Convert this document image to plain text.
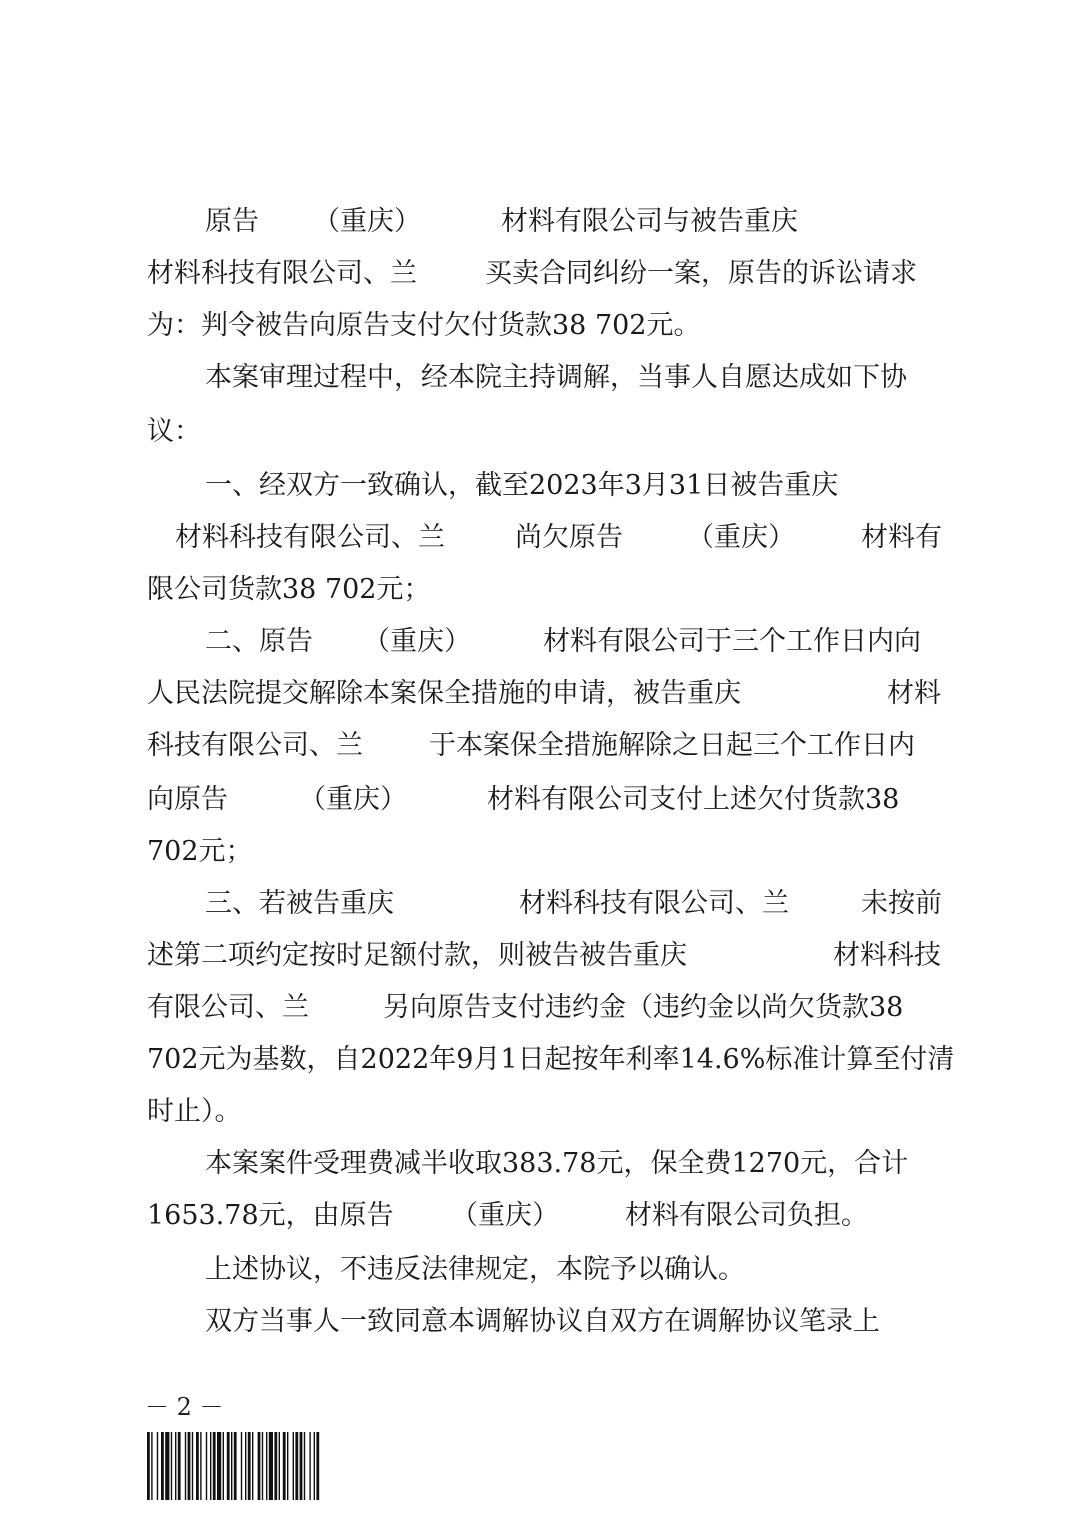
原告

（重庆）

	材料有限公司与被告重庆

材料科技有限公司、兰

	买卖合同纠纷一案，原告的诉讼请求

为：判令被告向原告支付欠付货款38 702元。

本案审理过程中，经本院主持调解，当事人自愿达成如下协

议：

一、经双方一致确认，截至2023年3月31日被告重庆

材料科技有限公司、兰

	尚欠原告

（重庆）

材料有

限公司货款38 702元；

二、原告

（重庆）

	材料有限公司于三个工作日内向

人民法院提交解除本案保全措施的申请，被告重庆

	材料

科技有限公司、兰

于本案保全措施解除之日起三个工作日内

向原告

	（重庆）

	材料有限公司支付上述欠付货款38

702元；

三、若被告重庆

	材料科技有限公司、兰

	未按前

述第二项约定按时足额付款，则被告被告重庆

	材料科技

有限公司、兰

	另向原告支付违约金（违约金以尚欠货款38

702元为基数，自2022年9月1日起按年利率14.6%标准计算至付清

时止）。

本案案件受理费减半收取383.78元，保全费1270元，合计

1653.78元，由原告

（重庆）

材料有限公司负担。

上述协议，不违反法律规定，本院予以确认。

双方当事人一致同意本调解协议自双方在调解协议笔录上

－ 2 －
